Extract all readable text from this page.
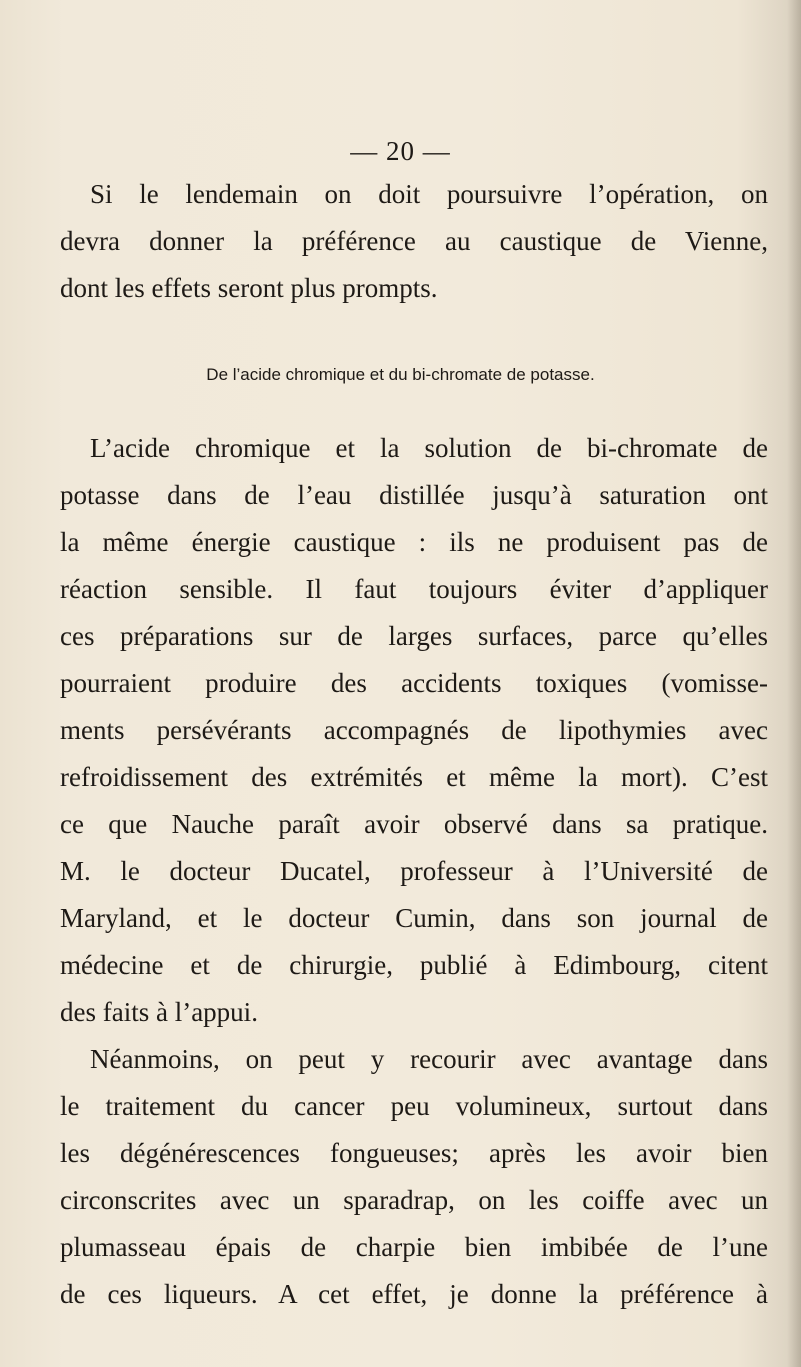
— 20 —
Si le lendemain on doit poursuivre l’opération, on
devra donner la préférence au caustique de Vienne,
dont les effets seront plus prompts.
De l’acide chromique et du bi-chromate de potasse.
L’acide chromique et la solution de bi-chromate de
potasse dans de l’eau distillée jusqu’à saturation ont
la même énergie caustique : ils ne produisent pas de
réaction sensible. Il faut toujours éviter d’appliquer
ces préparations sur de larges surfaces, parce qu’elles
pourraient produire des accidents toxiques (vomisse-
ments persévérants accompagnés de lipothymies avec
refroidissement des extrémités et même la mort). C’est
ce que Nauche paraît avoir observé dans sa pratique.
M. le docteur Ducatel, professeur à l’Université de
Maryland, et le docteur Cumin, dans son journal de
médecine et de chirurgie, publié à Edimbourg, citent
des faits à l’appui.
Néanmoins, on peut y recourir avec avantage dans
le traitement du cancer peu volumineux, surtout dans
les dégénérescences fongueuses; après les avoir bien
circonscrites avec un sparadrap, on les coiffe avec un
plumasseau épais de charpie bien imbibée de l’une
de ces liqueurs. A cet effet, je donne la préférence à
